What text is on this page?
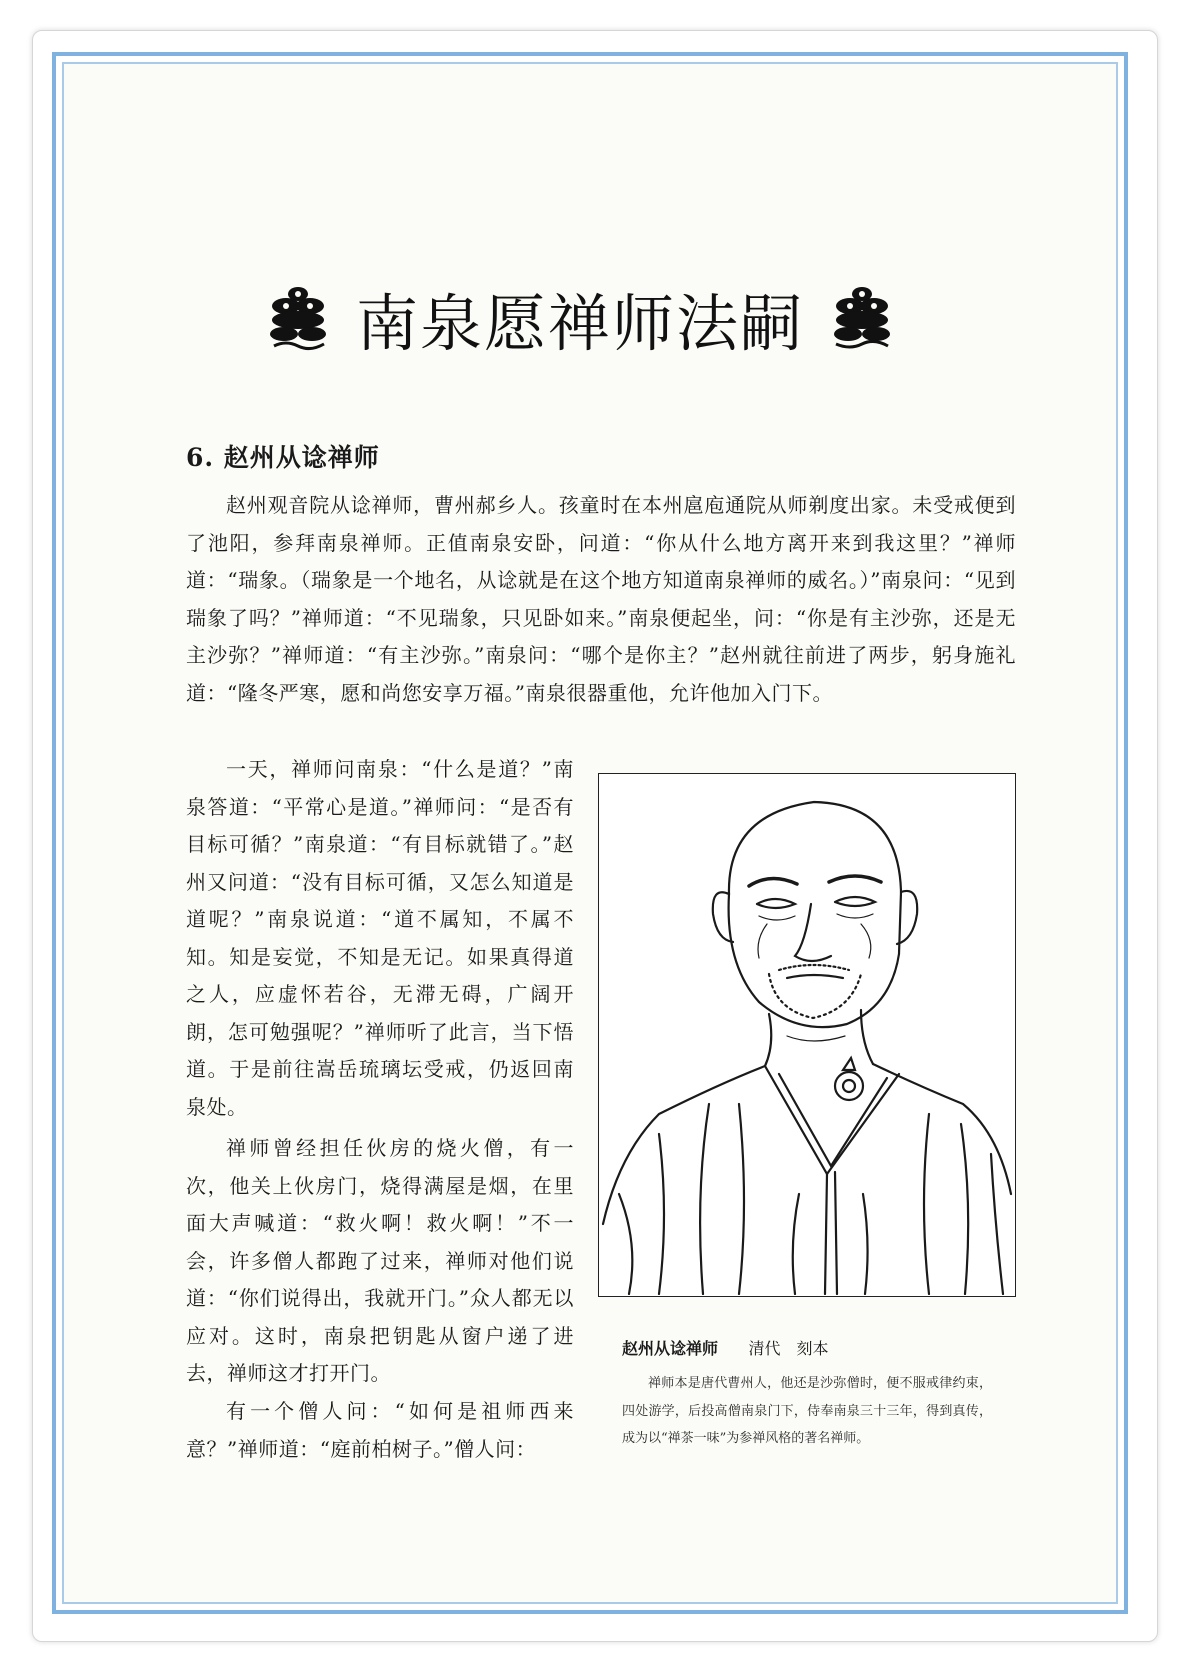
南泉愿禅师法嗣
6. 赵州从谂禅师

赵州观音院从谂禅师，曹州郝乡人。孩童时在本州扈庖通院从师剃度出家。未受戒便到了池阳，参拜南泉禅师。正值南泉安卧，问道：“你从什么地方离开来到我这里？”禅师道：“瑞象。（瑞象是一个地名，从谂就是在这个地方知道南泉禅师的威名。）”南泉问：“见到瑞象了吗？”禅师道：“不见瑞象，只见卧如来。”南泉便起坐，问：“你是有主沙弥，还是无主沙弥？”禅师道：“有主沙弥。”南泉问：“哪个是你主？”赵州就往前进了两步，躬身施礼道：“隆冬严寒，愿和尚您安享万福。”南泉很器重他，允许他加入门下。

一天，禅师问南泉：“什么是道？”南泉答道：“平常心是道。”禅师问：“是否有目标可循？”南泉道：“有目标就错了。”赵州又问道：“没有目标可循，又怎么知道是道呢？”南泉说道：“道不属知，不属不知。知是妄觉，不知是无记。如果真得道之人，应虚怀若谷，无滞无碍，广阔开朗，怎可勉强呢？”禅师听了此言，当下悟道。于是前往嵩岳琉璃坛受戒，仍返回南泉处。

禅师曾经担任伙房的烧火僧，有一次，他关上伙房门，烧得满屋是烟，在里面大声喊道：“救火啊！救火啊！”不一会，许多僧人都跑了过来，禅师对他们说道：“你们说得出，我就开门。”众人都无以应对。这时，南泉把钥匙从窗户递了进去，禅师这才打开门。

有一个僧人问：“如何是祖师西来意？”禅师道：“庭前柏树子。”僧人问：

赵州从谂禅师 清代　刻本

禅师本是唐代曹州人，他还是沙弥僧时，便不服戒律约束，四处游学，后投高僧南泉门下，侍奉南泉三十三年，得到真传，成为以“禅茶一味”为参禅风格的著名禅师。
